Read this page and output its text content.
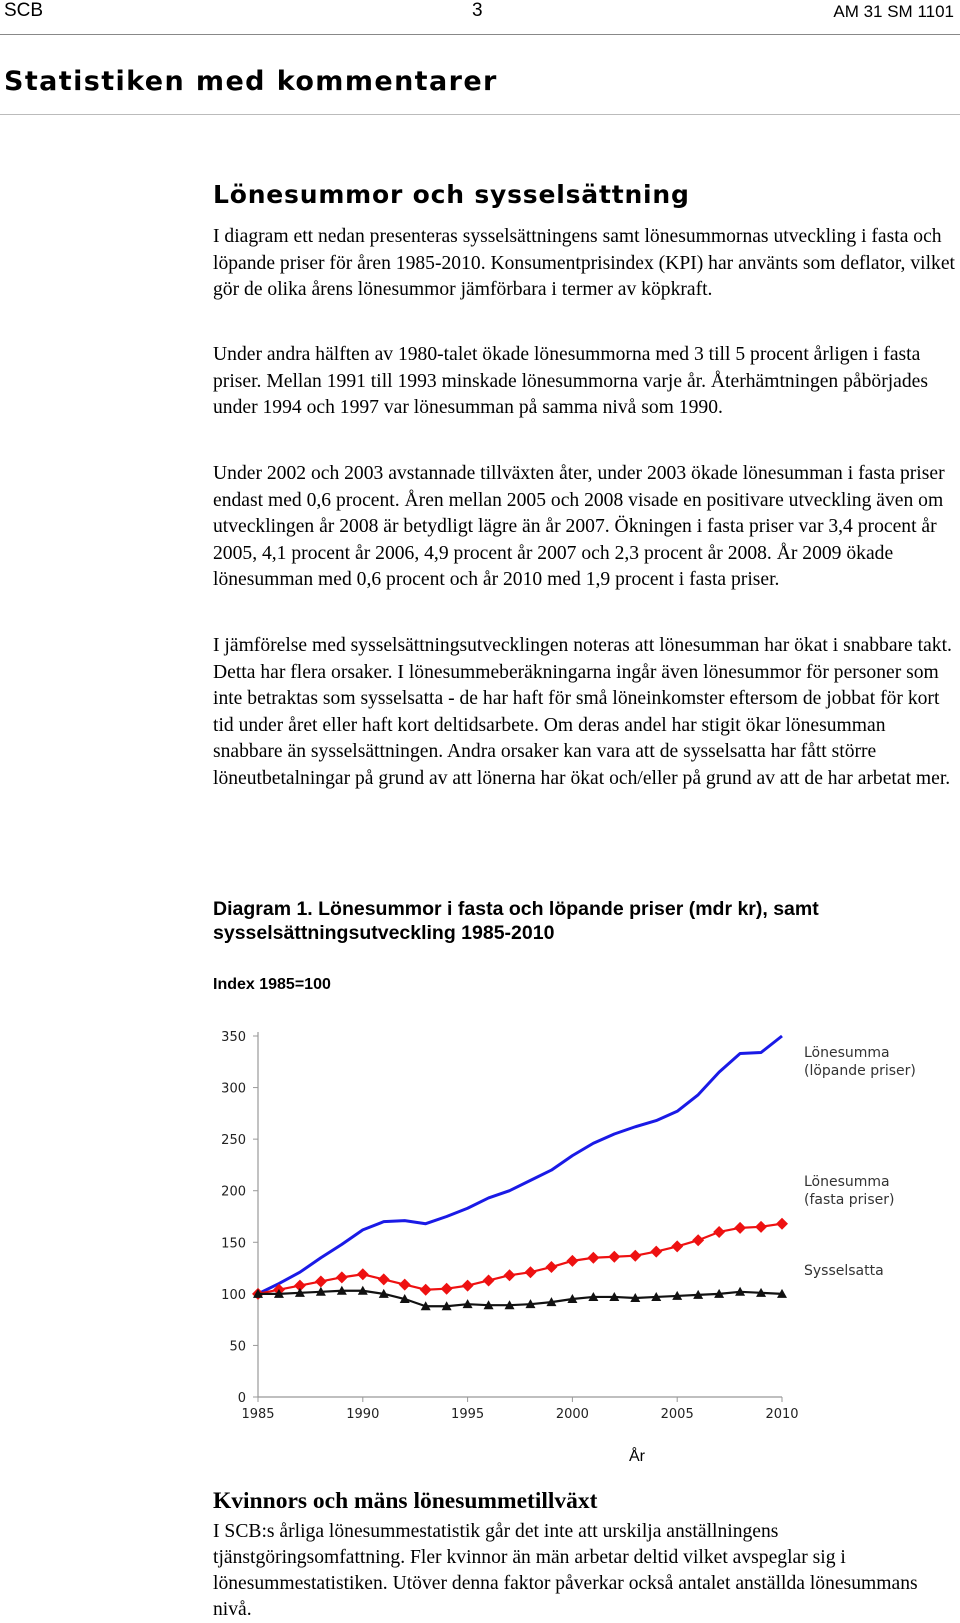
SCB	3	AM 31 SM 1101
Statistiken med kommentarer
Lönesummor och sysselsättning

I diagram ett nedan presenteras sysselsättningens samt lönesummornas utveckling i fasta och löpande priser för åren 1985-2010. Konsumentprisindex (KPI) har använts som deflator, vilket gör de olika årens lönesummor jämförbara i termer av köpkraft.

Under andra hälften av 1980-talet ökade lönesummorna med 3 till 5 procent årligen i fasta priser. Mellan 1991 till 1993 minskade lönesummorna varje år. Återhämtningen påbörjades under 1994 och 1997 var lönesumman på samma nivå som 1990.

Under 2002 och 2003 avstannade tillväxten åter, under 2003 ökade lönesumman i fasta priser endast med 0,6 procent. Åren mellan 2005 och 2008 visade en positivare utveckling även om utvecklingen år 2008 är betydligt lägre än år 2007. Ökningen i fasta priser var 3,4 procent år 2005, 4,1 procent år 2006, 4,9 procent år 2007 och 2,3 procent år 2008. År 2009 ökade lönesumman med 0,6 procent och år 2010 med 1,9 procent i fasta priser.

I jämförelse med sysselsättningsutvecklingen noteras att lönesumman har ökat i snabbare takt. Detta har flera orsaker. I lönesummeberäkningarna ingår även lönesummor för personer som inte betraktas som sysselsatta - de har haft för små löneinkomster eftersom de jobbat för kort tid under året eller haft kort deltidsarbete. Om deras andel har stigit ökar lönesumman snabbare än sysselsättningen. Andra orsaker kan vara att de sysselsatta har fått större löneutbetalningar på grund av att lönerna har ökat och/eller på grund av att de har arbetat mer.

Diagram 1. Lönesummor i fasta och löpande priser (mdr kr), samt sysselsättningsutveckling 1985-2010

Index 1985=100
0
50
100
150
200
250
300
350
1985	1990	1995	2000	2005	2010
Lönesumma
(löpande priser)
Lönesumma
(fasta priser)
Sysselsatta
År
Kvinnors och mäns lönesummetillväxt

I SCB:s årliga lönesummestatistik går det inte att urskilja anställningens tjänstgöringsomfattning. Fler kvinnor än män arbetar deltid vilket avspeglar sig i lönesummestatistiken. Utöver denna faktor påverkar också antalet anställda lönesummans nivå.
